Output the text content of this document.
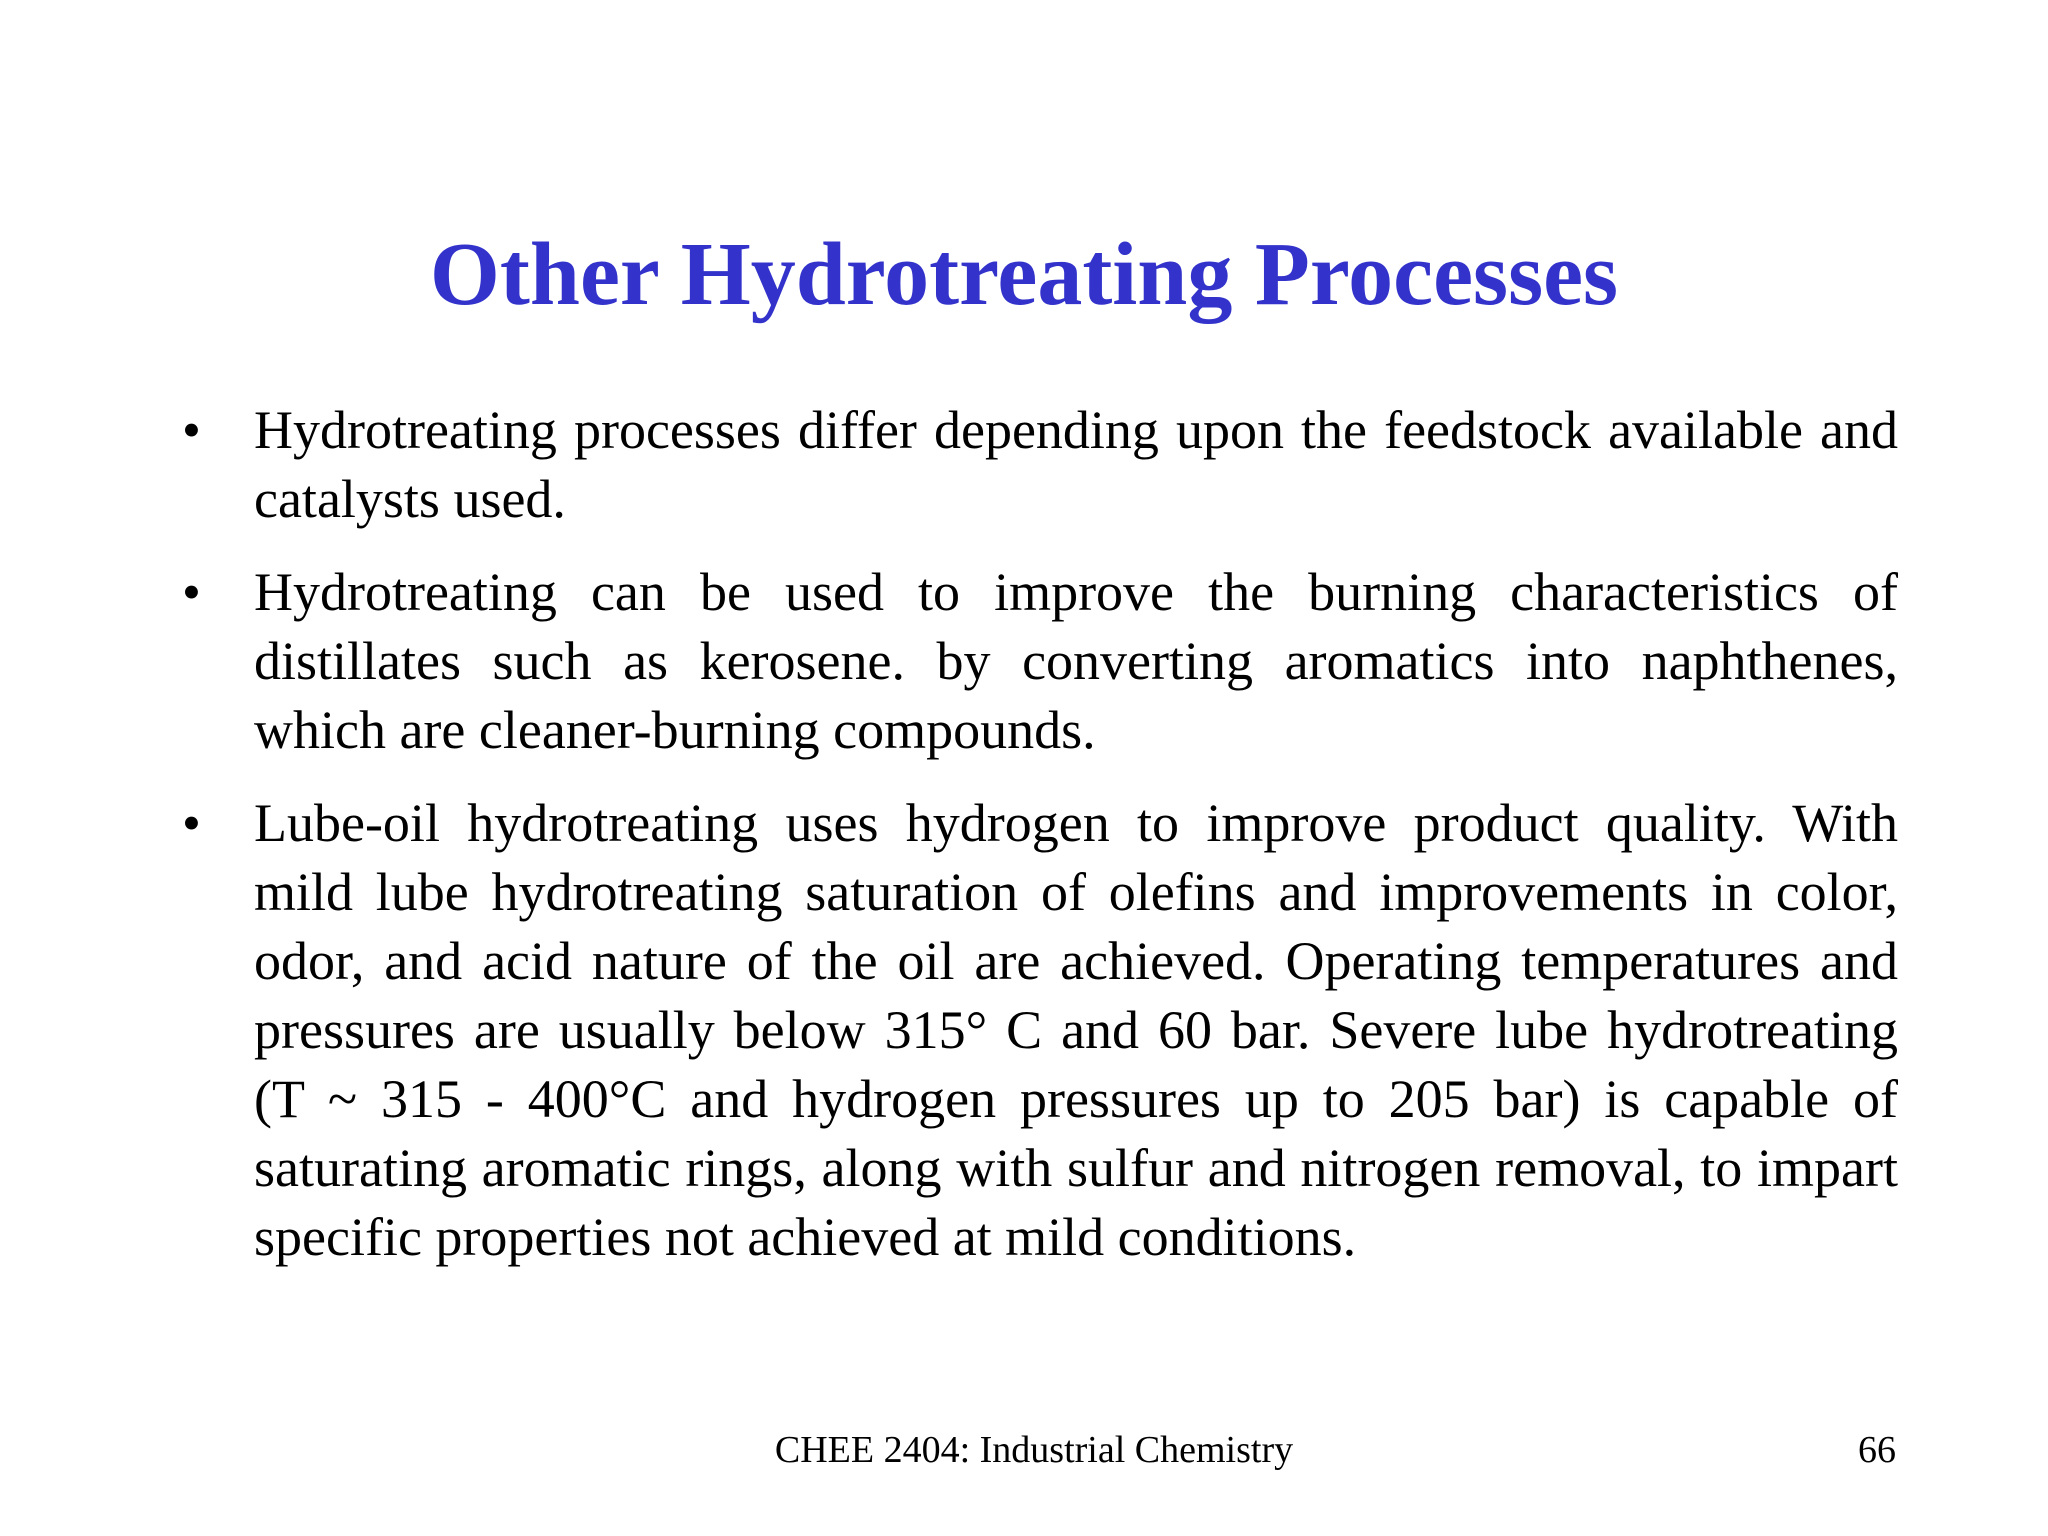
Other Hydrotreating Processes
• Hydrotreating processes differ depending upon the feedstock available and catalysts used.
• Hydrotreating can be used to improve the burning characteristics of distillates such as kerosene. by converting aromatics into naphthenes, which are cleaner-burning compounds.
• Lube-oil hydrotreating uses hydrogen to improve product quality. With mild lube hydrotreating saturation of olefins and improvements in color, odor, and acid nature of the oil are achieved. Operating temperatures and pressures are usually below 315° C and 60 bar. Severe lube hydrotreating (T ~ 315 - 400°C and hydrogen pressures up to 205 bar) is capable of saturating aromatic rings, along with sulfur and nitrogen removal, to impart specific properties not achieved at mild conditions.
CHEE 2404: Industrial Chemistry	66
